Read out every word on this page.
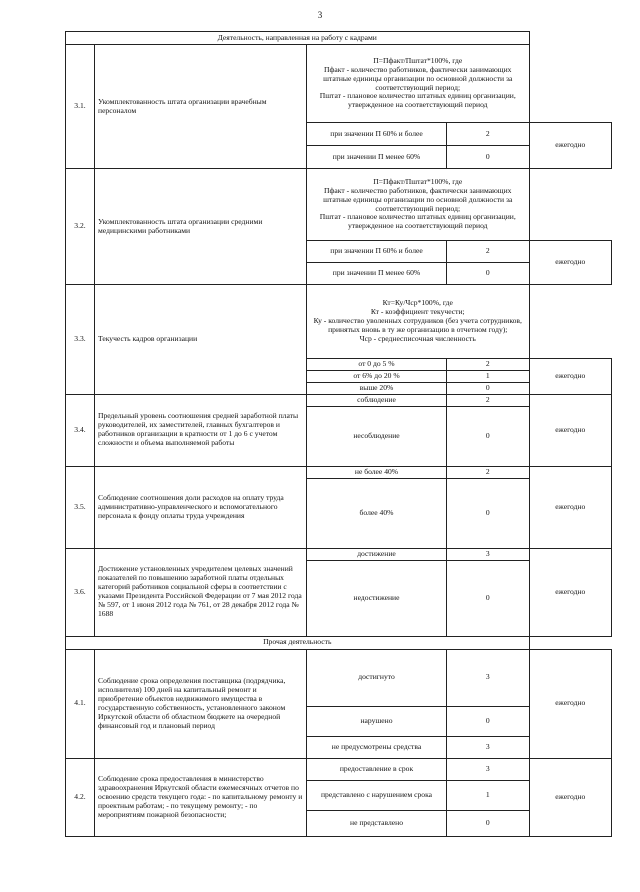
3
Деятельность, направленная на работу с кадрами				
3.1.	Укомплектованность штата организации врачебным персоналом	П=Пфакт/Пштат*100%, где
Пфакт - количество работников, фактически занимающих штатные единицы организации по основной должности за соответствующий период;
Пштат - плановое количество штатных единиц организации, утвержденное на соответствующий период		

		при значении П 60% и более	2	ежегодно
		при значении П менее 60%	0	
3.2.	Укомплектованность штата организации средними медицинскими работниками	П=Пфакт/Пштат*100%, где
Пфакт - количество работников, фактически занимающих штатные единицы организации по основной должности за соответствующий период;
Пштат - плановое количество штатных единиц организации, утвержденное на соответствующий период		

		при значении П 60% и более	2	ежегодно
		при значении П менее 60%	0	
3.3.	Текучесть кадров организации	Кт=Ку/Чср*100%, где
Кт - коэффициент текучести;
Ку - количество уволенных сотрудников (без учета сотрудников, принятых вновь в ту же организацию в отчетном году);
Чср - среднесписочная численность		

		от 0 до 5 %	2	ежегодно
		от 6% до 20 %	1	
		выше 20%	0	
3.4.	Предельный уровень соотношения средней заработной платы руководителей, их заместителей, главных бухгалтеров и работников организации в кратности от 1 до 6 с учетом сложности и объема выполняемой работы	соблюдение	2	ежегодно
		несоблюдение	0	
3.5.	Соблюдение соотношения доли расходов на оплату труда административно-управленческого и вспомогательного персонала к фонду оплаты труда учреждения	не более 40%	2	ежегодно
		более 40%	0	
3.6.	Достижение установленных учредителем целевых значений показателей по повышению заработной платы отдельных категорий работников социальной сферы в соответствии с указами Президента Российской Федерации от 7 мая 2012 года № 597, от 1 июня 2012 года № 761, от 28 декабря 2012 года № 1688	достижение	3	ежегодно
		недостижение	0	
Прочая деятельность				
4.1.	Соблюдение срока определения поставщика (подрядчика, исполнителя) 100 дней на капитальный ремонт и приобретение объектов недвижимого имущества в государственную собственность, установленного законом Иркутской области об областном бюджете на очередной финансовый год и плановый период	достигнуто	3	ежегодно
		нарушено	0	
		не предусмотрены средства	3	
4.2.	Соблюдение срока предоставления в министерство здравоохранения Иркутской области ежемесячных отчетов по освоению средств текущего года: - по капитальному ремонту и проектным работам; - по текущему ремонту; - по мероприятиям пожарной безопасности;	предоставление в срок	3	ежегодно
		представлено с нарушением срока	1	
		не представлено	0	
